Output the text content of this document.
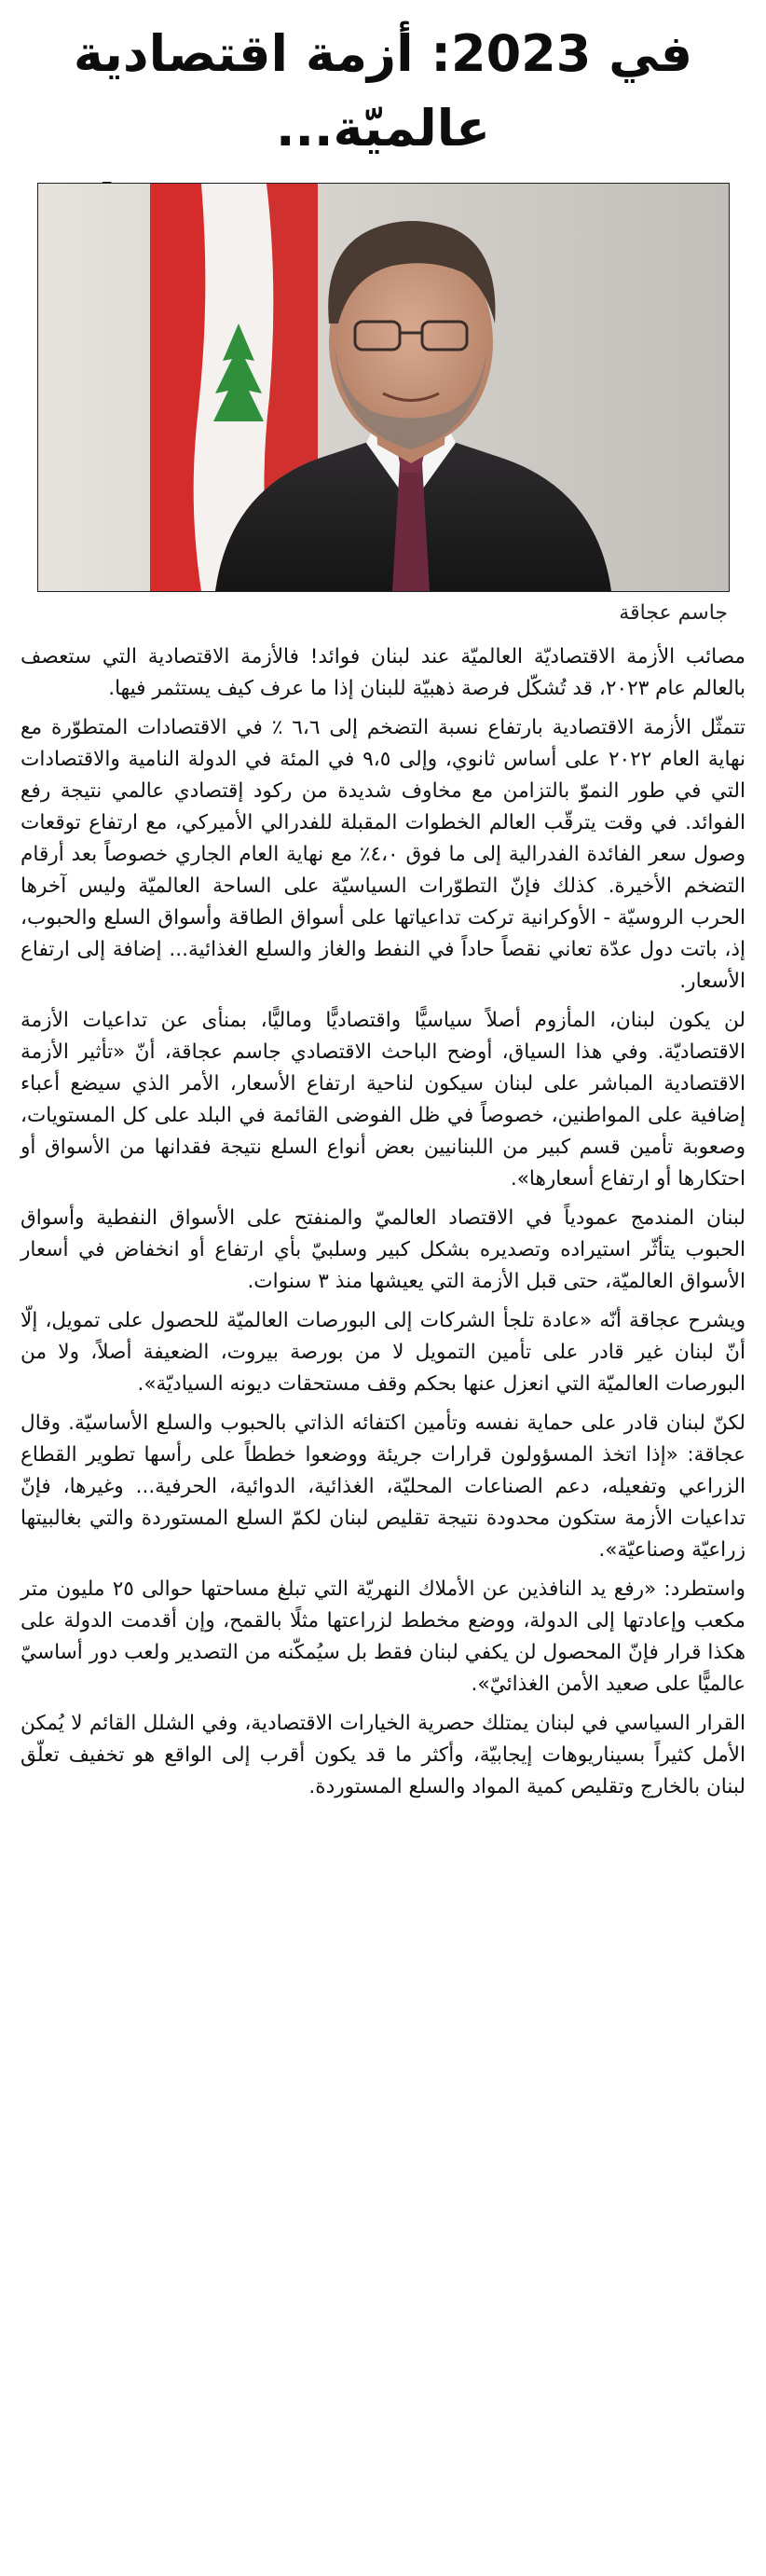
في 2023: أزمة اقتصادية عالميّة...

جاسم عجاقة

مصائب الأزمة الاقتصاديّة العالميّة عند لبنان فوائد! فالأزمة الاقتصادية التي ستعصف بالعالم عام ٢٠٢٣، قد تُشكّل فرصة ذهبيّة للبنان إذا ما عرف كيف يستثمر فيها.

تتمثّل الأزمة الاقتصادية بارتفاع نسبة التضخم إلى ٦،٦ ٪ في الاقتصادات المتطوّرة مع نهاية العام ٢٠٢٢ على أساس ثانوي، وإلى ٩،٥ في المئة في الدولة النامية والاقتصادات التي في طور النموّ بالتزامن مع مخاوف شديدة من ركود إقتصادي عالمي نتيجة رفع الفوائد. في وقت يترقّب العالم الخطوات المقبلة للفدرالي الأميركي، مع ارتفاع توقعات وصول سعر الفائدة الفدرالية إلى ما فوق ٤،٠٪ مع نهاية العام الجاري خصوصاً بعد أرقام التضخم الأخيرة. كذلك فإنّ التطوّرات السياسيّة على الساحة العالميّة وليس آخرها الحرب الروسيّة - الأوكرانية تركت تداعياتها على أسواق الطاقة وأسواق السلع والحبوب، إذ، باتت دول عدّة تعاني نقصاً حاداً في النفط والغاز والسلع الغذائية... إضافة إلى ارتفاع الأسعار.

لن يكون لبنان، المأزوم أصلاً سياسيًّا واقتصاديًّا وماليًّا، بمنأى عن تداعيات الأزمة الاقتصاديّة. وفي هذا السياق، أوضح الباحث الاقتصادي جاسم عجاقة، أنّ «تأثير الأزمة الاقتصادية المباشر على لبنان سيكون لناحية ارتفاع الأسعار، الأمر الذي سيضع أعباء إضافية على المواطنين، خصوصاً في ظل الفوضى القائمة في البلد على كل المستويات، وصعوبة تأمين قسم كبير من اللبنانيين بعض أنواع السلع نتيجة فقدانها من الأسواق أو احتكارها أو ارتفاع أسعارها».

لبنان المندمج عمودياً في الاقتصاد العالميّ والمنفتح على الأسواق النفطية وأسواق الحبوب يتأثّر استيراده وتصديره بشكل كبير وسلبيّ بأي ارتفاع أو انخفاض في أسعار الأسواق العالميّة، حتى قبل الأزمة التي يعيشها منذ ٣ سنوات.

ويشرح عجاقة أنّه «عادة تلجأ الشركات إلى البورصات العالميّة للحصول على تمويل، إلّا أنّ لبنان غير قادر على تأمين التمويل لا من بورصة بيروت، الضعيفة أصلاً، ولا من البورصات العالميّة التي انعزل عنها بحكم وقف مستحقات ديونه السياديّة».

لكنّ لبنان قادر على حماية نفسه وتأمين اكتفائه الذاتي بالحبوب والسلع الأساسيّة. وقال عجاقة: «إذا اتخذ المسؤولون قرارات جريئة ووضعوا خططاً على رأسها تطوير القطاع الزراعي وتفعيله، دعم الصناعات المحليّة، الغذائية، الدوائية، الحرفية... وغيرها، فإنّ تداعيات الأزمة ستكون محدودة نتيجة تقليص لبنان لكمّ السلع المستوردة والتي بغالبيتها زراعيّة وصناعيّة».

واستطرد: «رفع يد النافذين عن الأملاك النهريّة التي تبلغ مساحتها حوالى ٢٥ مليون متر مكعب وإعادتها إلى الدولة، ووضع مخطط لزراعتها مثلًا بالقمح، وإن أقدمت الدولة على هكذا قرار فإنّ المحصول لن يكفي لبنان فقط بل سيُمكّنه من التصدير ولعب دور أساسيّ عالميًّا على صعيد الأمن الغذائيّ».

القرار السياسي في لبنان يمتلك حصرية الخيارات الاقتصادية، وفي الشلل القائم لا يُمكن الأمل كثيراً بسيناريوهات إيجابيّة، وأكثر ما قد يكون أقرب إلى الواقع هو تخفيف تعلّق لبنان بالخارج وتقليص كمية المواد والسلع المستوردة.
